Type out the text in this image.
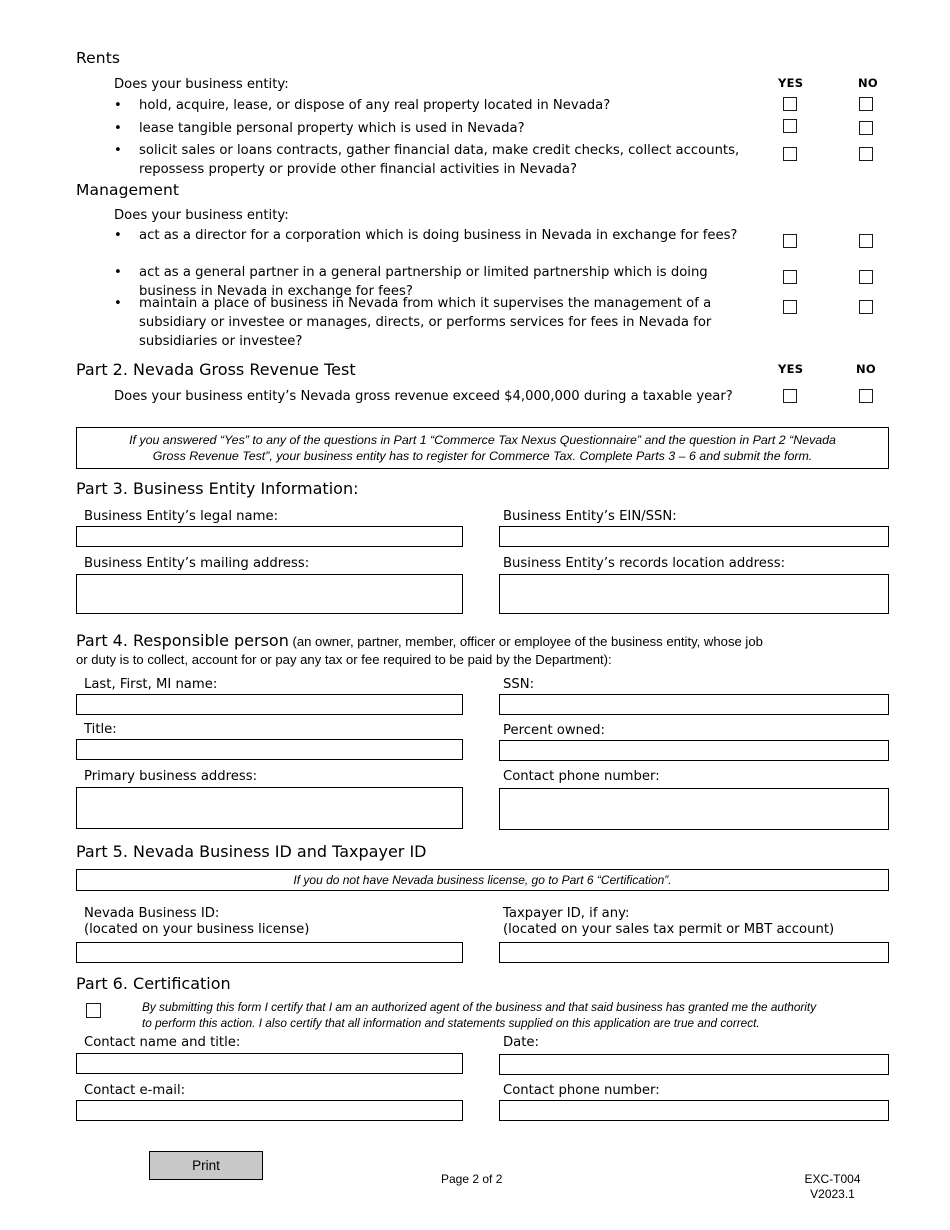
Rents
Does your business entity:	YES	NO
• hold, acquire, lease, or dispose of any real property located in Nevada?
• lease tangible personal property which is used in Nevada?
• solicit sales or loans contracts, gather financial data, make credit checks, collect accounts, repossess property or provide other financial activities in Nevada?
Management
Does your business entity:
• act as a director for a corporation which is doing business in Nevada in exchange for fees?
• act as a general partner in a general partnership or limited partnership which is doing business in Nevada in exchange for fees?
• maintain a place of business in Nevada from which it supervises the management of a subsidiary or investee or manages, directs, or performs services for fees in Nevada for subsidiaries or investee?
Part 2. Nevada Gross Revenue Test	YES	NO
Does your business entity’s Nevada gross revenue exceed $4,000,000 during a taxable year?
If you answered “Yes” to any of the questions in Part 1 “Commerce Tax Nexus Questionnaire” and the question in Part 2 “Nevada
Gross Revenue Test”, your business entity has to register for Commerce Tax. Complete Parts 3 – 6 and submit the form.
Part 3. Business Entity Information:
Business Entity’s legal name:	Business Entity’s EIN/SSN:
Business Entity’s mailing address:	Business Entity’s records location address:
Part 4. Responsible person (an owner, partner, member, officer or employee of the business entity, whose job
or duty is to collect, account for or pay any tax or fee required to be paid by the Department):
Last, First, MI name:	SSN:
Title:	Percent owned:
Primary business address:	Contact phone number:
Part 5. Nevada Business ID and Taxpayer ID
If you do not have Nevada business license, go to Part 6 “Certification”.
Nevada Business ID:
(located on your business license)
Taxpayer ID, if any:
(located on your sales tax permit or MBT account)
Part 6. Certification
By submitting this form I certify that I am an authorized agent of the business and that said business has granted me the authority
to perform this action. I also certify that all information and statements supplied on this application are true and correct.
Contact name and title:	Date:
Contact e-mail:	Contact phone number:
Print
Page 2 of 2	EXC-T004
V2023.1
